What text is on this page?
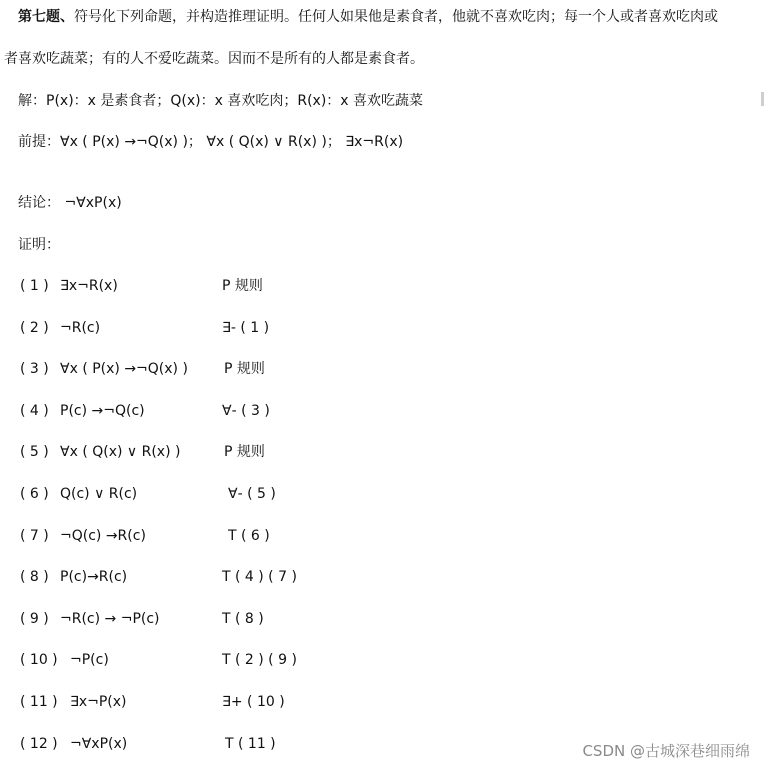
第七题、符号化下列命题，并构造推理证明。任何人如果他是素食者，他就不喜欢吃肉；每一个人或者喜欢吃肉或
者喜欢吃蔬菜；有的人不爱吃蔬菜。因而不是所有的人都是素食者。
解：P(x)：x 是素食者；Q(x)：x 喜欢吃肉；R(x)：x 喜欢吃蔬菜
前提：∀x ( P(x) →¬Q(x) )； ∀x ( Q(x) ∨ R(x) )； ∃x¬R(x)
结论： ¬∀xP(x)
证明：
( 1 ) ∃x¬R(x)	P 规则
( 2 ) ¬R(c)	∃- ( 1 )
( 3 ) ∀x ( P(x) →¬Q(x) )	P 规则
( 4 ) P(c) →¬Q(c)	∀- ( 3 )
( 5 ) ∀x ( Q(x) ∨ R(x) )	P 规则
( 6 ) Q(c) ∨ R(c)	∀- ( 5 )
( 7 ) ¬Q(c) →R(c)	T ( 6 )
( 8 ) P(c)→R(c)	T ( 4 ) ( 7 )
( 9 ) ¬R(c) → ¬P(c)	T ( 8 )
( 10 ) ¬P(c)	T ( 2 ) ( 9 )
( 11 ) ∃x¬P(x)	∃+ ( 10 )
( 12 ) ¬∀xP(x)	T ( 11 )	CSDN @古城深巷细雨绵
